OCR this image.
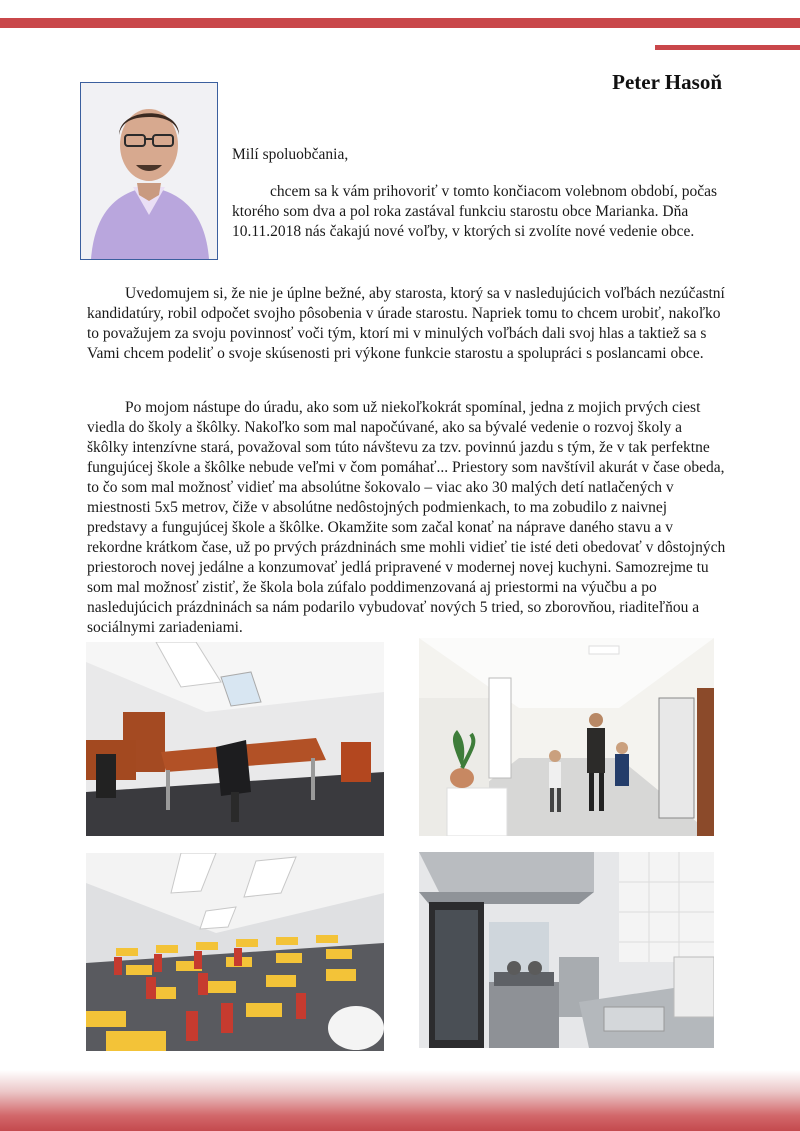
Peter Hasoň
Milí spoluobčania,

chcem sa k vám prihovoriť v tomto končiacom volebnom období, počas ktorého som dva a pol roka zastával funkciu starostu obce Marianka. Dňa 10.11.2018 nás čakajú nové voľby, v ktorých si zvolíte nové vedenie obce.

Uvedomujem si, že nie je úplne bežné, aby starosta, ktorý sa v nasledujúcich voľbách nezúčastní kandidatúry, robil odpočet svojho pôsobenia v úrade starostu. Napriek tomu to chcem urobiť, nakoľko to považujem za svoju povinnosť voči tým, ktorí mi v minulých voľbách dali svoj hlas a taktiež sa s Vami chcem podeliť o svoje skúsenosti pri výkone funkcie starostu a spolupráci s poslancami obce.

Po mojom nástupe do úradu, ako som už niekoľkokrát spomínal, jedna z mojich prvých ciest viedla do školy a škôlky. Nakoľko som mal napočúvané, ako sa bývalé vedenie o rozvoj školy a škôlky intenzívne stará, považoval som túto návštevu za tzv. povinnú jazdu s tým, že v tak perfektne fungujúcej škole a škôlke nebude veľmi v čom pomáhať... Priestory som navštívil akurát v čase obeda, to čo som mal možnosť vidieť ma absolútne šokovalo – viac ako 30 malých detí natlačených v miestnosti 5x5 metrov, čiže v absolútne nedôstojných podmienkach, to ma zobudilo z naivnej predstavy a fungujúcej škole a škôlke. Okamžite som začal konať na náprave daného stavu a v rekordne krátkom čase, už po prvých prázdninách sme mohli vidieť tie isté deti obedovať v dôstojných priestoroch novej jedálne a konzumovať jedlá pripravené v modernej novej kuchyni. Samozrejme tu som mal možnosť zistiť, že škola bola zúfalo poddimenzovaná aj priestormi na výučbu a po nasledujúcich prázdninách sa nám podarilo vybudovať nových 5 tried, so zborovňou, riaditeľňou a sociálnymi zariadeniami.
